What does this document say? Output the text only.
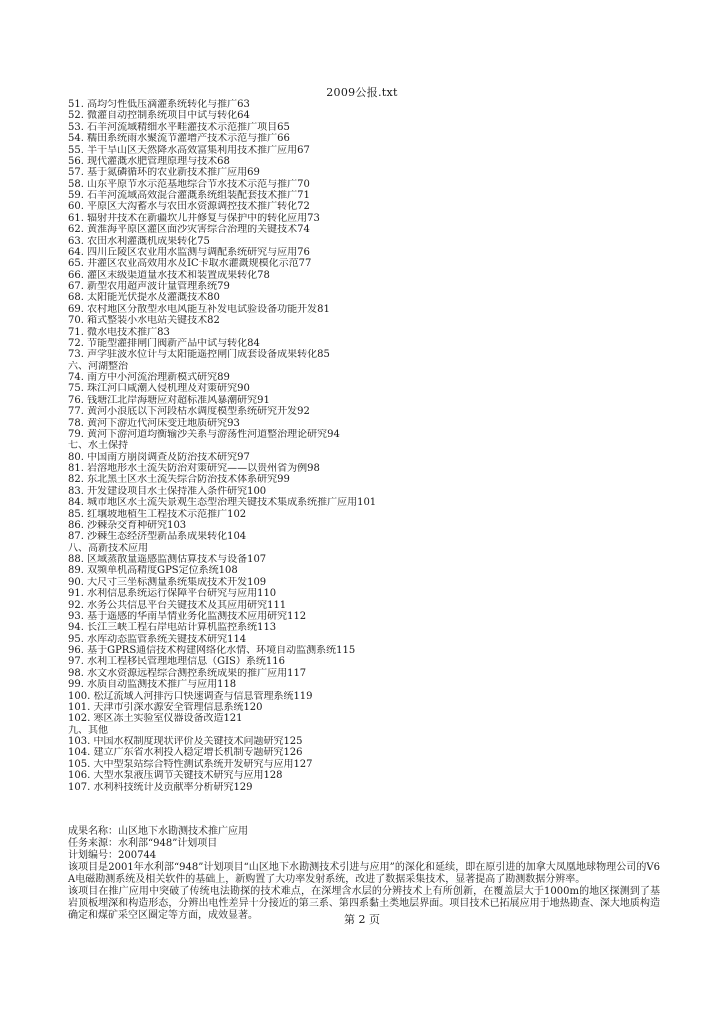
2009公报.txt
51. 高均匀性低压滴灌系统转化与推广63
52. 微灌自动控制系统项目中试与转化64
53. 石羊河流域精细水平畦灌技术示范推广项目65
54. 糯田系统雨水聚流节灌增产技术示范与推广66
55. 半干旱山区天然降水高效富集利用技术推广应用67
56. 现代灌溉水肥管理原理与技术68
57. 基于氮磷循环的农业新技术推广应用69
58. 山东平原节水示范基地综合节水技术示范与推广70
59. 石羊河流域高效混合灌溉系统组装配套技术推广71
60. 平原区大沟蓄水与农田水资源调控技术推广转化72
61. 辐射井技术在新疆坎儿井修复与保护中的转化应用73
62. 黄淮海平原区灌区面沙灾害综合治理的关键技术74
63. 农田水利灌溉机成果转化75
64. 四川丘陵区农业用水监测与调配系统研究与应用76
65. 井灌区农业高效用水及IC卡取水灌溉规模化示范77
66. 灌区末级渠道量水技术和装置成果转化78
67. 新型农用超声波计量管理系统79
68. 太阳能光伏提水及灌溉技术80
69. 农村地区分散型水电风能互补发电试验设备功能开发81
70. 箱式整装小水电站关键技术82
71. 微水电技术推广83
72. 节能型灌排闸门阀新产品中试与转化84
73. 声学驻波水位计与太阳能遥控闸门成套设备成果转化85
六、河湖整治
74. 南方中小河流治理新模式研究89
75. 珠江河口咸潮入侵机理及对策研究90
76. 钱塘江北岸海塘应对超标准风暴潮研究91
77. 黄河小浪底以下河段枯水调度模型系统研究开发92
78. 黄河下游近代河床变迁地质研究93
79. 黄河下游河道均衡输沙关系与游荡性河道整治理论研究94
七、水土保持
80. 中国南方崩岗调查及防治技术研究97
81. 岩溶地形水土流失防治对策研究——以贵州省为例98
82. 东北黑土区水土流失综合防治技术体系研究99
83. 开发建设项目水土保持准入条件研究100
84. 城市地区水土流失景观生态型治理关键技术集成系统推广应用101
85. 红壤坡地植生工程技术示范推广102
86. 沙棘杂交育种研究103
87. 沙棘生态经济型新品系成果转化104
八、高新技术应用
88. 区域蒸散量遥感监测估算技术与设备107
89. 双频单机高精度GPS定位系统108
90. 大尺寸三坐标测量系统集成技术开发109
91. 水利信息系统运行保障平台研究与应用110
92. 水务公共信息平台关键技术及其应用研究111
93. 基于遥感的华南旱情业务化监测技术应用研究112
94. 长江三峡工程右岸电站计算机监控系统113
95. 水库动态监管系统关键技术研究114
96. 基于GPRS通信技术构建网络化水情、环境自动监测系统115
97. 水利工程移民管理地理信息（GIS）系统116
98. 水文水资源远程综合测控系统成果的推广应用117
99. 水质自动监测技术推广与应用118
100. 松辽流域入河排污口快速调查与信息管理系统119
101. 天津市引深水源安全管理信息系统120
102. 寒区冻土实验室仪器设备改造121
九、其他
103. 中国水权制度现状评价及关键技术问题研究125
104. 建立广东省水利投入稳定增长机制专题研究126
105. 大中型泵站综合特性测试系统开发研究与应用127
106. 大型水泵液压调节关键技术研究与应用128
107. 水利科技统计及贡献率分析研究129
成果名称：山区地下水勘测技术推广应用
任务来源：水利部“948”计划项目
计划编号：200744
该项目是2001年水利部“948”计划项目“山区地下水勘测技术引进与应用”的深化和延续，即在原引进的加拿大凤凰地球物理公司的V6A电磁勘测系统及相关软件的基础上，新购置了大功率发射系统，改进了数据采集技术，显著提高了勘测数据分辨率。
该项目在推广应用中突破了传统电法勘探的技术难点，在深埋含水层的分辨技术上有所创新，在覆盖层大于1000m的地区探测到了基岩顶板埋深和构造形态，分辨出电性差异十分接近的第三系、第四系黏土类地层界面。项目技术已拓展应用于地热勘查、深大地质构造确定和煤矿采空区圈定等方面，成效显著。	第 2 页
